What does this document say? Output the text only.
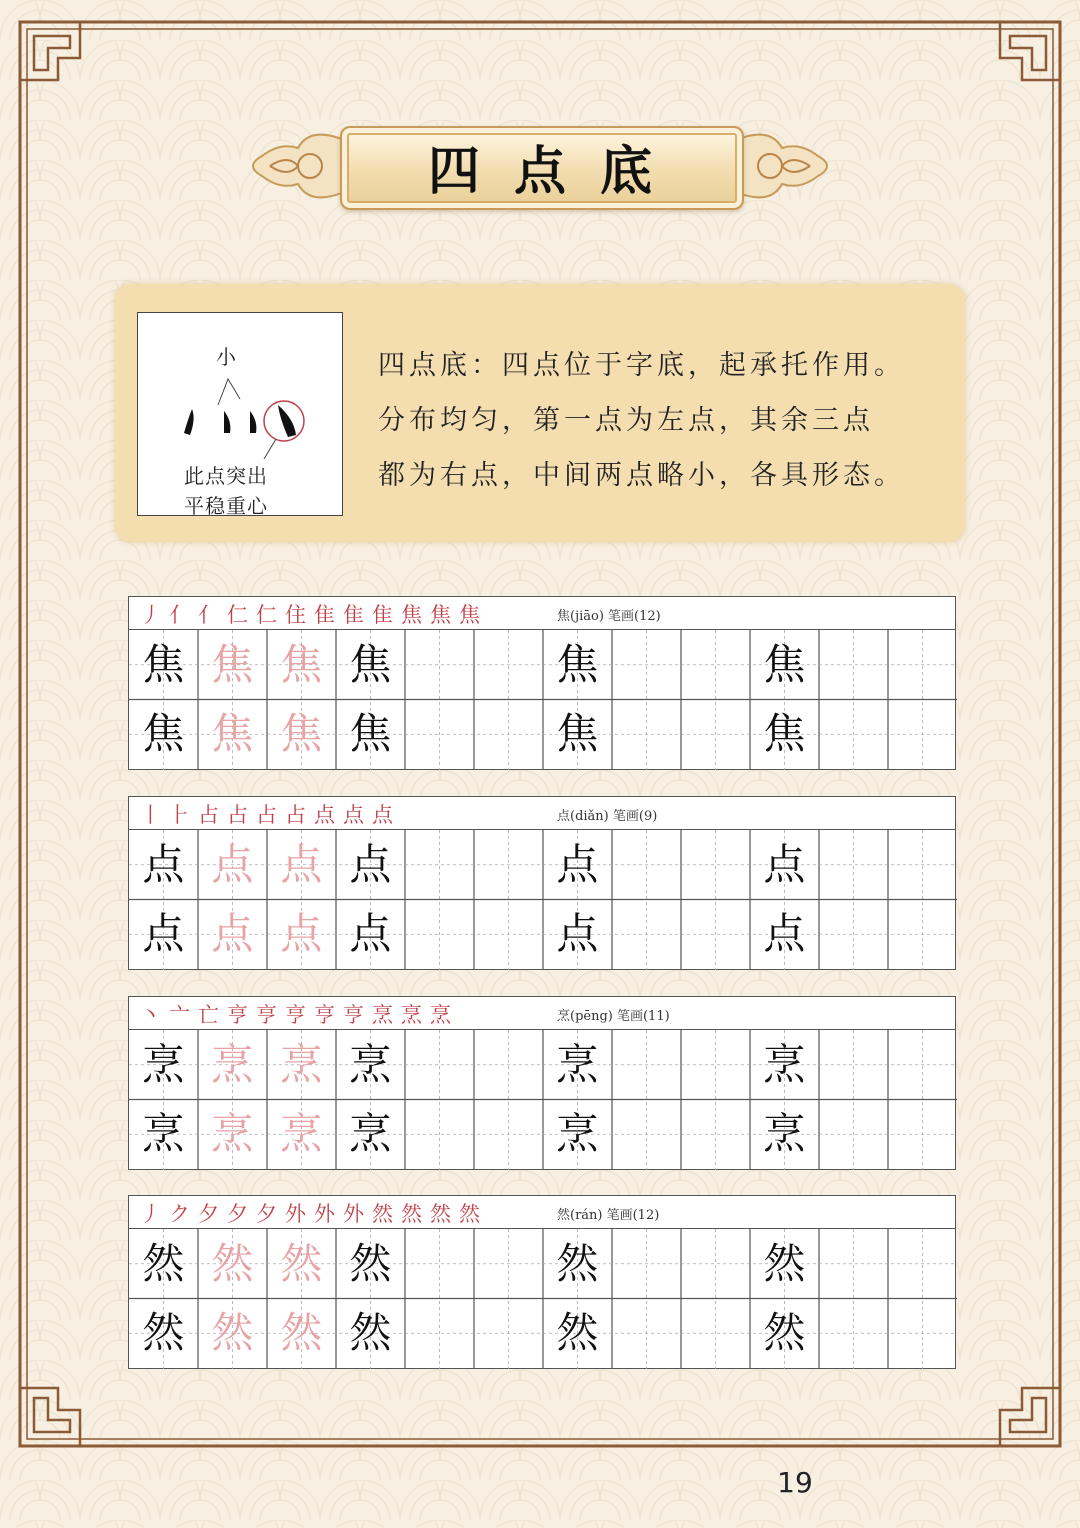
四点底
小
此点突出
平稳重心
四点底：四点位于字底，起承托作用。
分布均匀，第一点为左点，其余三点
都为右点，中间两点略小，各具形态。
丿 亻 亻 仁 仁 住 隹 隹 隹 焦 焦 焦	焦(jiāo) 笔画(12)
焦 焦 焦 焦	焦	焦
焦 焦 焦 焦	焦	焦
丨 ⺊ 占 占 占 占 点 点 点	点(diǎn) 笔画(9)
点 点 点 点	点	点
点 点 点 点	点	点
丶 亠 亡 亨 亨 亨 亨 亨 烹 烹 烹	烹(pēng) 笔画(11)
烹 烹 烹 烹	烹	烹
烹 烹 烹 烹	烹	烹
丿 ク 夕 夕 夕 外 外 外 然 然 然 然	然(rán) 笔画(12)
然 然 然 然	然	然
然 然 然 然	然	然
19
